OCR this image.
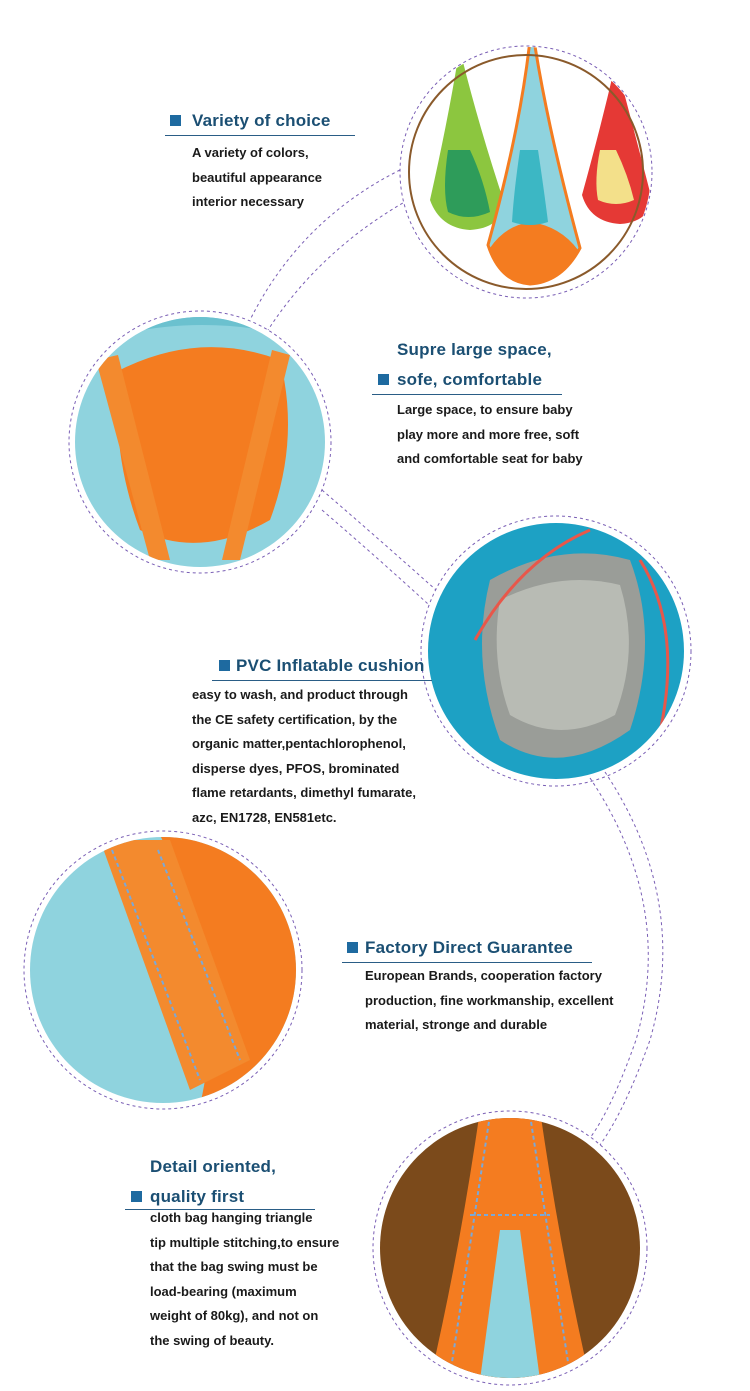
Variety of choice
A variety of colors,
beautiful appearance
interior necessary
Supre large space,
sofe, comfortable
Large space, to ensure baby
play more and more free, soft
and comfortable seat for baby
PVC Inflatable cushion
easy to wash, and product through
the CE safety certification, by the
organic matter,pentachlorophenol,
disperse dyes, PFOS, brominated
flame retardants, dimethyl fumarate,
azc, EN1728, EN581etc.
Factory Direct Guarantee
European Brands, cooperation factory
production, fine workmanship, excellent
material, stronge and durable
Detail oriented,
quality first
cloth bag hanging triangle
tip multiple stitching,to ensure
that the bag swing must be
load-bearing (maximum
weight of 80kg), and not on
the swing of beauty.
